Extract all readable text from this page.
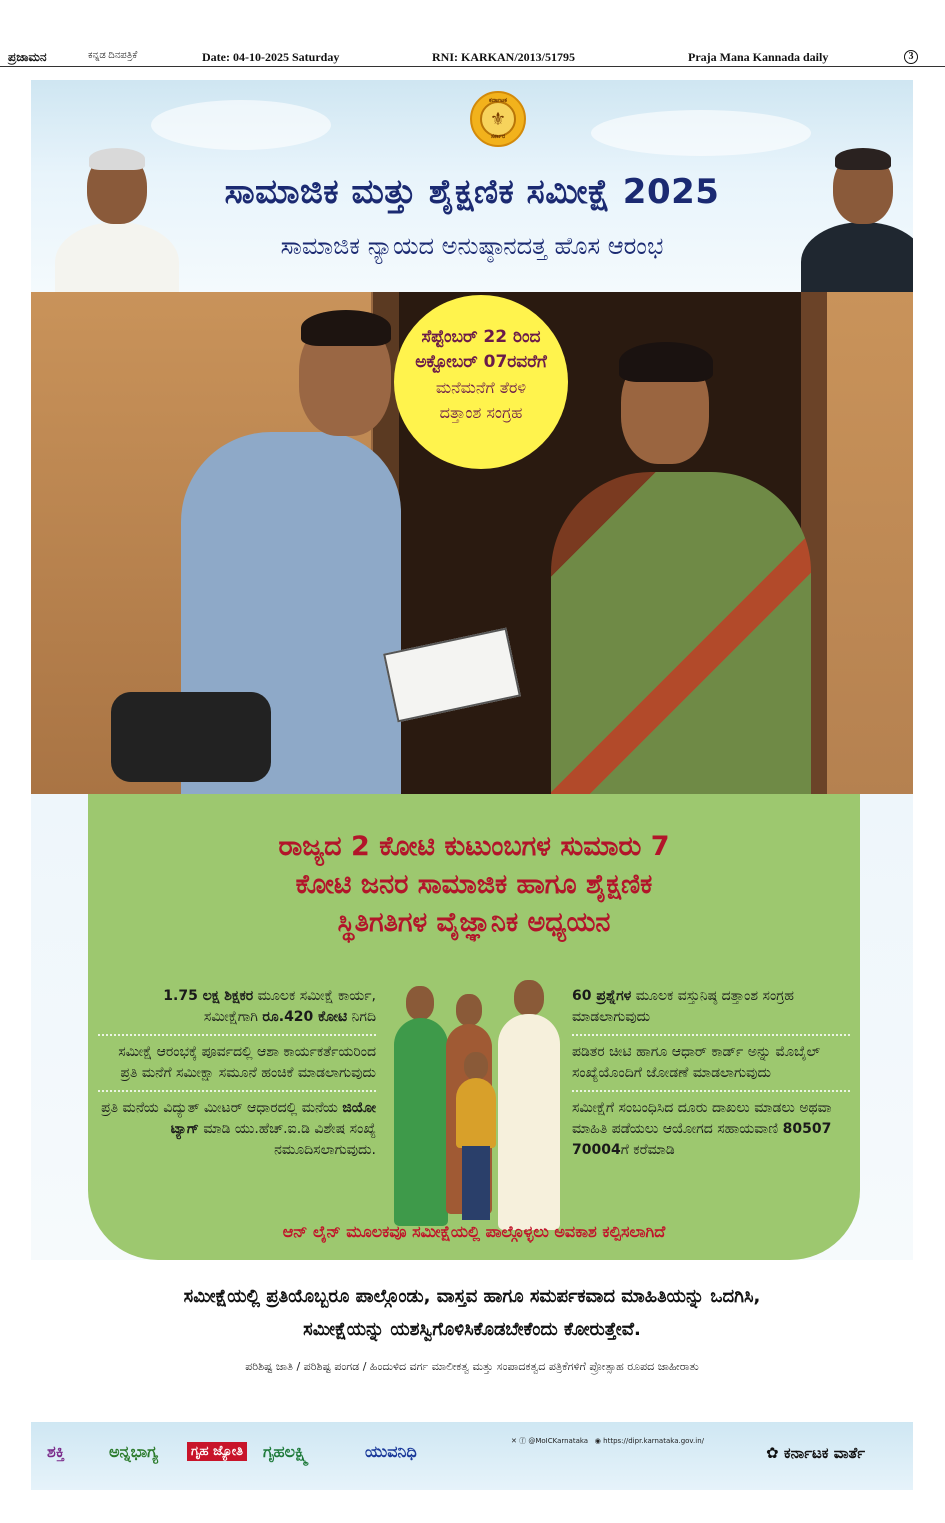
ಪ್ರಜಾಮನ	ಕನ್ನಡ ದಿನಪತ್ರಿಕೆ	Date: 04-10-2025 Saturday	RNI: KARKAN/2013/51795	Praja Mana Kannada daily	3
ಕರ್ನಾಟಕ
⚜
ಸರ್ಕಾರ
ಸಾಮಾಜಿಕ ಮತ್ತು ಶೈಕ್ಷಣಿಕ ಸಮೀಕ್ಷೆ 2025
ಸಾಮಾಜಿಕ ನ್ಯಾಯದ ಅನುಷ್ಠಾನದತ್ತ ಹೊಸ ಆರಂಭ
ಸೆಪ್ಟೆಂಬರ್ 22 ರಿಂದ
ಅಕ್ಟೋಬರ್ 07ರವರೆಗೆ
ಮನೆಮನೆಗೆ ತೆರಳಿ
ದತ್ತಾಂಶ ಸಂಗ್ರಹ
ರಾಜ್ಯದ 2 ಕೋಟಿ ಕುಟುಂಬಗಳ ಸುಮಾರು 7
ಕೋಟಿ ಜನರ ಸಾಮಾಜಿಕ ಹಾಗೂ ಶೈಕ್ಷಣಿಕ
ಸ್ಥಿತಿಗತಿಗಳ ವೈಜ್ಞಾನಿಕ ಅಧ್ಯಯನ
1.75 ಲಕ್ಷ ಶಿಕ್ಷಕರ ಮೂಲಕ ಸಮೀಕ್ಷೆ ಕಾರ್ಯ,
ಸಮೀಕ್ಷೆಗಾಗಿ ರೂ.420 ಕೋಟಿ ನಿಗದಿ
ಸಮೀಕ್ಷೆ ಆರಂಭಕ್ಕೆ ಪೂರ್ವದಲ್ಲಿ ಆಶಾ ಕಾರ್ಯಕರ್ತೆಯರಿಂದ ಪ್ರತಿ ಮನೆಗೆ ಸಮೀಕ್ಷಾ ಸಮೂನೆ ಹಂಚಿಕೆ ಮಾಡಲಾಗುವುದು
ಪ್ರತಿ ಮನೆಯ ವಿದ್ಯುತ್ ಮೀಟರ್ ಆಧಾರದಲ್ಲಿ ಮನೆಯ ಜಿಯೋ ಟ್ಯಾಗ್ ಮಾಡಿ ಯು.ಹೆಚ್.ಐ.ಡಿ ವಿಶೇಷ ಸಂಖ್ಯೆ ನಮೂದಿಸಲಾಗುವುದು.
60 ಪ್ರಶ್ನೆಗಳ ಮೂಲಕ ವಸ್ತುನಿಷ್ಠ ದತ್ತಾಂಶ ಸಂಗ್ರಹ ಮಾಡಲಾಗುವುದು
ಪಡಿತರ ಚೀಟಿ ಹಾಗೂ ಆಧಾರ್ ಕಾರ್ಡ್ ಅನ್ನು ಮೊಬೈಲ್ ಸಂಖ್ಯೆಯೊಂದಿಗೆ ಜೋಡಣೆ ಮಾಡಲಾಗುವುದು
ಸಮೀಕ್ಷೆಗೆ ಸಂಬಂಧಿಸಿದ ದೂರು ದಾಖಲು ಮಾಡಲು ಅಥವಾ ಮಾಹಿತಿ ಪಡೆಯಲು ಆಯೋಗದ ಸಹಾಯವಾಣಿ 80507 70004ಗೆ ಕರೆಮಾಡಿ
ಆನ್ ಲೈನ್ ಮೂಲಕವೂ ಸಮೀಕ್ಷೆಯಲ್ಲಿ ಪಾಲ್ಗೊಳ್ಳಲು ಅವಕಾಶ ಕಲ್ಪಿಸಲಾಗಿದೆ
ಸಮೀಕ್ಷೆಯಲ್ಲಿ ಪ್ರತಿಯೊಬ್ಬರೂ ಪಾಲ್ಗೊಂಡು, ವಾಸ್ತವ ಹಾಗೂ ಸಮರ್ಪಕವಾದ ಮಾಹಿತಿಯನ್ನು ಒದಗಿಸಿ,
ಸಮೀಕ್ಷೆಯನ್ನು ಯಶಸ್ವಿಗೊಳಿಸಿಕೊಡಬೇಕೆಂದು ಕೋರುತ್ತೇವೆ.
ಪರಿಶಿಷ್ಟ ಜಾತಿ / ಪರಿಶಿಷ್ಟ ಪಂಗಡ / ಹಿಂದುಳಿದ ವರ್ಗ ಮಾಲೀಕತ್ವ ಮತ್ತು ಸಂಪಾದಕತ್ವದ ಪತ್ರಿಕೆಗಳಿಗೆ ಪ್ರೋತ್ಸಾಹ ರೂಪದ ಜಾಹೀರಾತು
ಶಕ್ತಿ	ಅನ್ನಭಾಗ್ಯ	ಗೃಹ ಜ್ಯೋತಿ ಗೃಹಲಕ್ಷ್ಮಿ	ಯುವನಿಧಿ
✕ ⓕ @MoICKarnataka ◉ https://dipr.karnataka.gov.in/
✿ ಕರ್ನಾಟಕ ವಾರ್ತೆ
